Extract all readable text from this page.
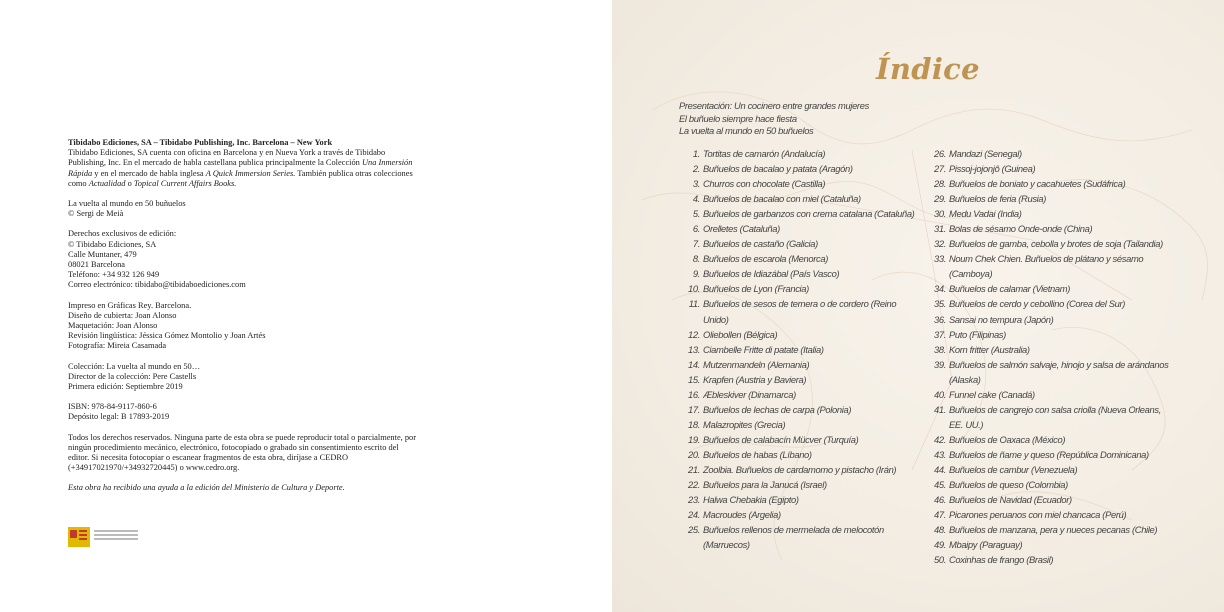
Tibidabo Ediciones, SA – Tibidabo Publishing, Inc. Barcelona – New York

Tibidabo Ediciones, SA cuenta con oficina en Barcelona y en Nueva York a través de Tibidabo Publishing, Inc. En el mercado de habla castellana publica principalmente la Colección Una Inmersión Rápida y en el mercado de habla inglesa A Quick Immersion Series. También publica otras colecciones como Actualidad o Topical Current Affairs Books.

La vuelta al mundo en 50 buñuelos

© Sergi de Meià

Derechos exclusivos de edición:

© Tibidabo Ediciones, SA

Calle Muntaner, 479

08021 Barcelona

Teléfono: +34 932 126 949

Correo electrónico: tibidabo@tibidaboediciones.com

Impreso en Gráficas Rey. Barcelona.

Diseño de cubierta: Joan Alonso

Maquetación: Joan Alonso

Revisión lingüística: Jéssica Gómez Montolio y Joan Artés

Fotografía: Mireia Casamada

Colección: La vuelta al mundo en 50…

Director de la colección: Pere Castells

Primera edición: Septiembre 2019

ISBN: 978-84-9117-860-6

Depósito legal: B 17893-2019

Todos los derechos reservados. Ninguna parte de esta obra se puede reproducir total o parcialmente, por ningún procedimiento mecánico, electrónico, fotocopiado o grabado sin consentimiento escrito del editor. Si necesita fotocopiar o escanear fragmentos de esta obra, diríjase a CEDRO (+34917021970/+34932720445) o www.cedro.org.

Esta obra ha recibido una ayuda a la edición del Ministerio de Cultura y Deporte.

Índice
Presentación: Un cocinero entre grandes mujeres
El buñuelo siempre hace fiesta
La vuelta al mundo en 50 buñuelos
1. Tortitas de camarón (Andalucía)
2. Buñuelos de bacalao y patata (Aragón)
3. Churros con chocolate (Castilla)
4. Buñuelos de bacalao con miel (Cataluña)
5. Buñuelos de garbanzos con crema catalana (Cataluña)
6. Orelletes (Cataluña)
7. Buñuelos de castaño (Galicia)
8. Buñuelos de escarola (Menorca)
9. Buñuelos de Idiazábal (País Vasco)
10. Buñuelos de Lyon (Francia)
11. Buñuelos de sesos de ternera o de cordero (Reino Unido)
12. Oliebollen (Bélgica)
13. Ciambelle Fritte di patate (Italia)
14. Mutzenmandeln (Alemania)
15. Krapfen (Austria y Baviera)
16. Æbleskiver (Dinamarca)
17. Buñuelos de lechas de carpa (Polonia)
18. Malazropites (Grecia)
19. Buñuelos de calabacín Mücver (Turquía)
20. Buñuelos de habas (Líbano)
21. Zoolbia. Buñuelos de cardamomo y pistacho (Irán)
22. Buñuelos para la Janucá (Israel)
23. Halwa Chebakia (Egipto)
24. Macroudes (Argelia)
25. Buñuelos rellenos de mermelada de melocotón (Marruecos)
26. Mandazi (Senegal)
27. Pissoj-jojonjô (Guinea)
28. Buñuelos de boniato y cacahuetes (Sudáfrica)
29. Buñuelos de feria (Rusia)
30. Medu Vadai (India)
31. Bolas de sésamo Onde-onde (China)
32. Buñuelos de gamba, cebolla y brotes de soja (Tailandia)
33. Noum Chek Chien. Buñuelos de plátano y sésamo (Camboya)
34. Buñuelos de calamar (Vietnam)
35. Buñuelos de cerdo y cebollino (Corea del Sur)
36. Sansai no tempura (Japón)
37. Puto (Filipinas)
38. Korn fritter (Australia)
39. Buñuelos de salmón salvaje, hinojo y salsa de arándanos (Alaska)
40. Funnel cake (Canadá)
41. Buñuelos de cangrejo con salsa criolla (Nueva Orleans, EE. UU.)
42. Buñuelos de Oaxaca (México)
43. Buñuelos de ñame y queso (República Dominicana)
44. Buñuelos de cambur (Venezuela)
45. Buñuelos de queso (Colombia)
46. Buñuelos de Navidad (Ecuador)
47. Picarones peruanos con miel chancaca (Perú)
48. Buñuelos de manzana, pera y nueces pecanas (Chile)
49. Mbaipy (Paraguay)
50. Coxinhas de frango (Brasil)
